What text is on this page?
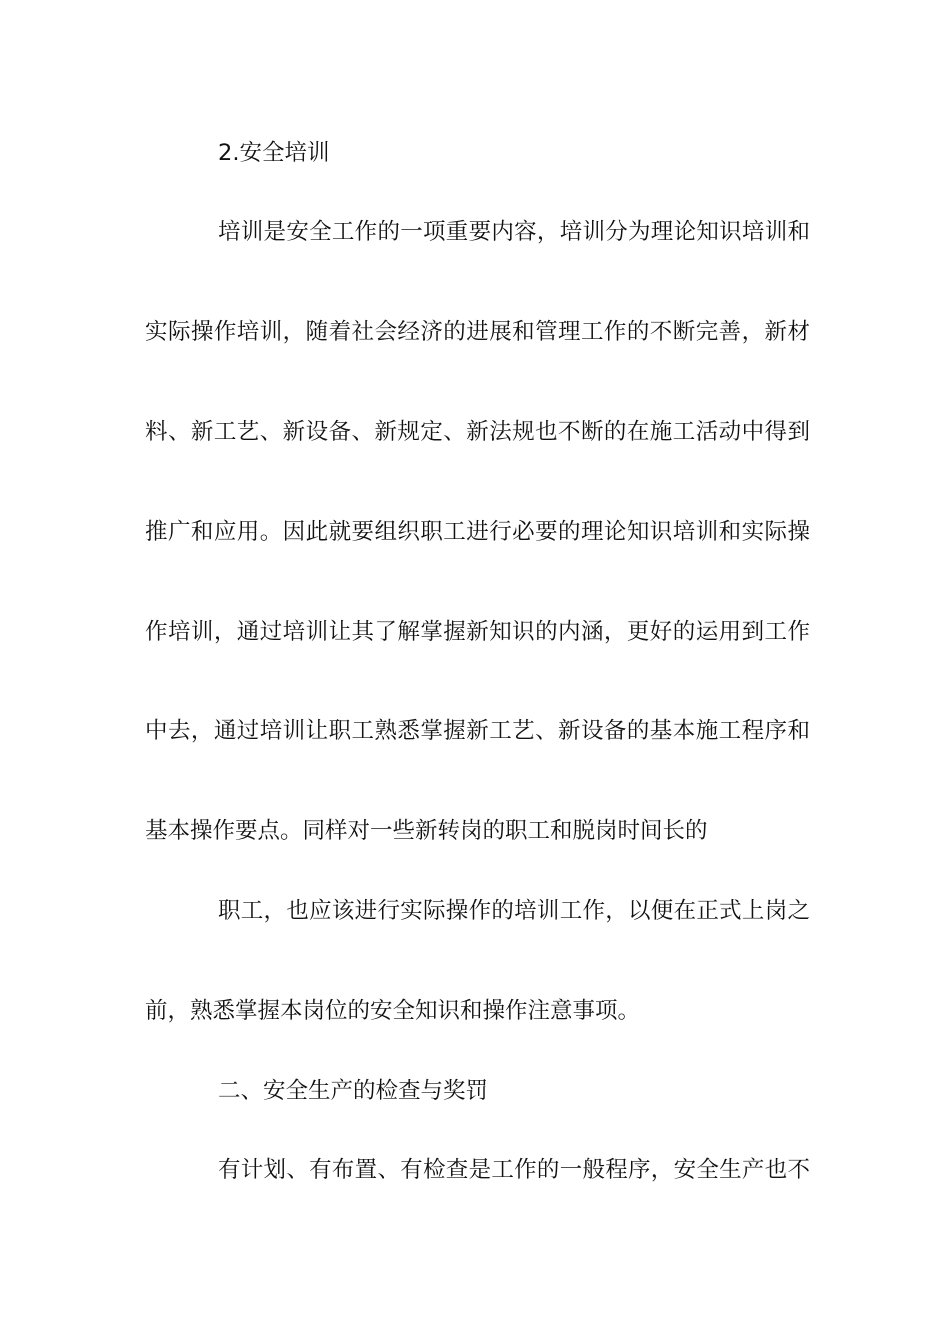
2.安全培训
培训是安全工作的一项重要内容，培训分为理论知识培训和
实际操作培训，随着社会经济的进展和管理工作的不断完善，新材
料、新工艺、新设备、新规定、新法规也不断的在施工活动中得到
推广和应用。因此就要组织职工进行必要的理论知识培训和实际操
作培训，通过培训让其了解掌握新知识的内涵，更好的运用到工作
中去，通过培训让职工熟悉掌握新工艺、新设备的基本施工程序和
基本操作要点。同样对一些新转岗的职工和脱岗时间长的
职工，也应该进行实际操作的培训工作，以便在正式上岗之
前，熟悉掌握本岗位的安全知识和操作注意事项。
二、安全生产的检查与奖罚
有计划、有布置、有检查是工作的一般程序，安全生产也不
